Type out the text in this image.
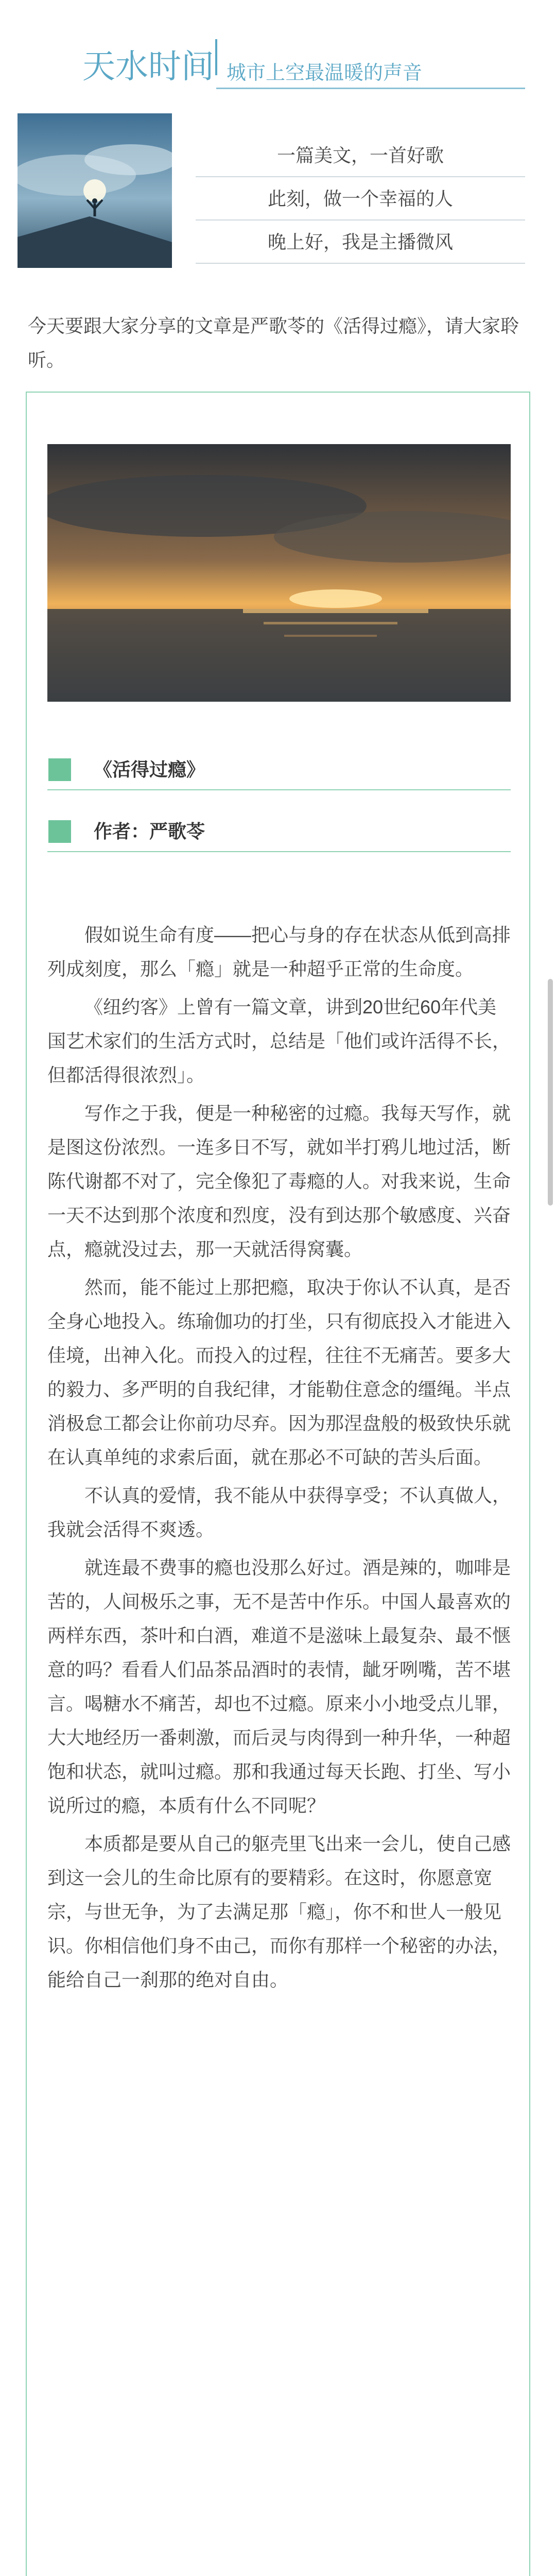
天水时间 城市上空最温暖的声音
一篇美文，一首好歌
此刻，做一个幸福的人
晚上好，我是主播微风
今天要跟大家分享的文章是严歌苓的《活得过瘾》，请大家聆听。
《活得过瘾》
作者：严歌苓

假如说生命有度——把心与身的存在状态从低到高排列成刻度，那么「瘾」就是一种超乎正常的生命度。

《纽约客》上曾有一篇文章，讲到20世纪60年代美国艺术家们的生活方式时，总结是「他们或许活得不长，但都活得很浓烈」。

写作之于我，便是一种秘密的过瘾。我每天写作，就是图这份浓烈。一连多日不写，就如半打鸦儿地过活，断陈代谢都不对了，完全像犯了毒瘾的人。对我来说，生命一天不达到那个浓度和烈度，没有到达那个敏感度、兴奋点，瘾就没过去，那一天就活得窝囊。

然而，能不能过上那把瘾，取决于你认不认真，是否全身心地投入。练瑜伽功的打坐，只有彻底投入才能进入佳境，出神入化。而投入的过程，往往不无痛苦。要多大的毅力、多严明的自我纪律，才能勒住意念的缰绳。半点消极怠工都会让你前功尽弃。因为那涅盘般的极致快乐就在认真单纯的求索后面，就在那必不可缺的苦头后面。

不认真的爱情，我不能从中获得享受；不认真做人，我就会活得不爽透。

就连最不费事的瘾也没那么好过。酒是辣的，咖啡是苦的，人间极乐之事，无不是苦中作乐。中国人最喜欢的两样东西，茶叶和白酒，难道不是滋味上最复杂、最不惬意的吗？看看人们品茶品酒时的表情，龇牙咧嘴，苦不堪言。喝糖水不痛苦，却也不过瘾。原来小小地受点儿罪，大大地经历一番刺激，而后灵与肉得到一种升华，一种超饱和状态，就叫过瘾。那和我通过每天长跑、打坐、写小说所过的瘾，本质有什么不同呢？

本质都是要从自己的躯壳里飞出来一会儿，使自己感到这一会儿的生命比原有的要精彩。在这时，你愿意宽宗，与世无争，为了去满足那「瘾」，你不和世人一般见识。你相信他们身不由己，而你有那样一个秘密的办法，能给自己一刹那的绝对自由。
